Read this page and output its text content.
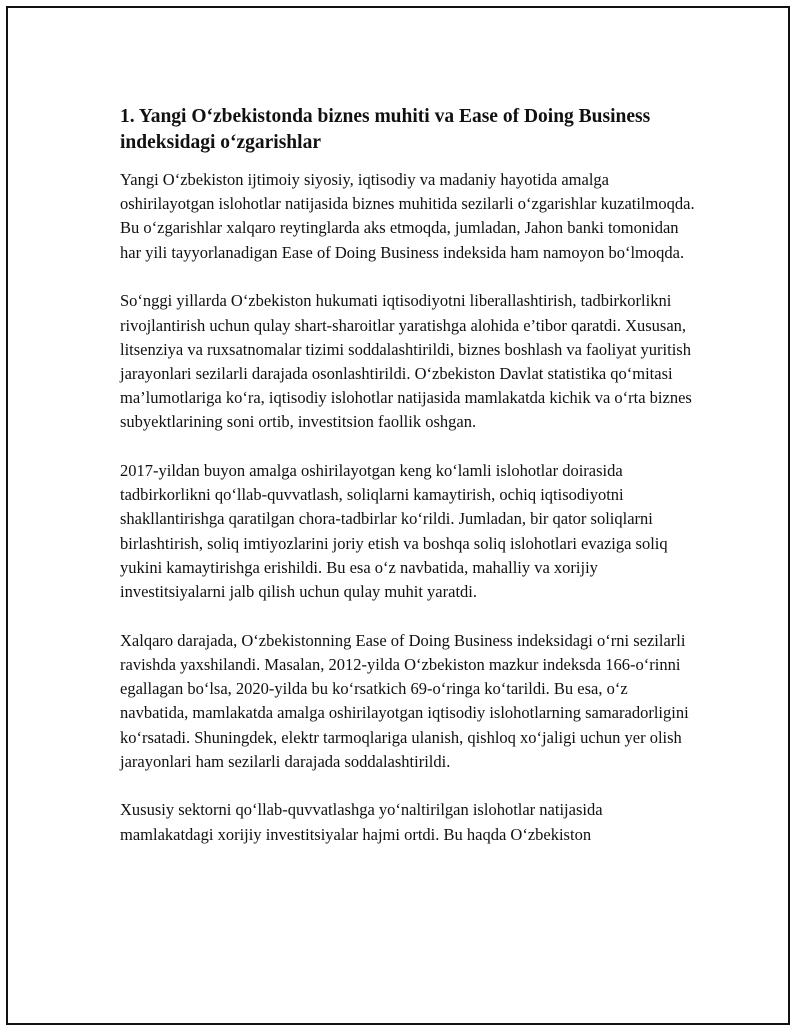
1. Yangi O‘zbekistonda biznes muhiti va Ease of Doing Business indeksidagi o‘zgarishlar

Yangi O‘zbekiston ijtimoiy siyosiy, iqtisodiy va madaniy hayotida amalga oshirilayotgan islohotlar natijasida biznes muhitida sezilarli o‘zgarishlar kuzatilmoqda. Bu o‘zgarishlar xalqaro reytinglarda aks etmoqda, jumladan, Jahon banki tomonidan har yili tayyorlanadigan Ease of Doing Business indeksida ham namoyon bo‘lmoqda.

So‘nggi yillarda O‘zbekiston hukumati iqtisodiyotni liberallashtirish, tadbirkorlikni rivojlantirish uchun qulay shart-sharoitlar yaratishga alohida e’tibor qaratdi. Xususan, litsenziya va ruxsatnomalar tizimi soddalashtirildi, biznes boshlash va faoliyat yuritish jarayonlari sezilarli darajada osonlashtirildi. O‘zbekiston Davlat statistika qo‘mitasi ma’lumotlariga ko‘ra, iqtisodiy islohotlar natijasida mamlakatda kichik va o‘rta biznes subyektlarining soni ortib, investitsion faollik oshgan.

2017-yildan buyon amalga oshirilayotgan keng ko‘lamli islohotlar doirasida tadbirkorlikni qo‘llab-quvvatlash, soliqlarni kamaytirish, ochiq iqtisodiyotni shakllantirishga qaratilgan chora-tadbirlar ko‘rildi. Jumladan, bir qator soliqlarni birlashtirish, soliq imtiyozlarini joriy etish va boshqa soliq islohotlari evaziga soliq yukini kamaytirishga erishildi. Bu esa o‘z navbatida, mahalliy va xorijiy investitsiyalarni jalb qilish uchun qulay muhit yaratdi.

Xalqaro darajada, O‘zbekistonning Ease of Doing Business indeksidagi o‘rni sezilarli ravishda yaxshilandi. Masalan, 2012-yilda O‘zbekiston mazkur indeksda 166-o‘rinni egallagan bo‘lsa, 2020-yilda bu ko‘rsatkich 69-o‘ringa ko‘tarildi. Bu esa, o‘z navbatida, mamlakatda amalga oshirilayotgan iqtisodiy islohotlarning samaradorligini ko‘rsatadi. Shuningdek, elektr tarmoqlariga ulanish, qishloq xo‘jaligi uchun yer olish jarayonlari ham sezilarli darajada soddalashtirildi.

Xususiy sektorni qo‘llab-quvvatlashga yo‘naltirilgan islohotlar natijasida mamlakatdagi xorijiy investitsiyalar hajmi ortdi. Bu haqda O‘zbekiston
